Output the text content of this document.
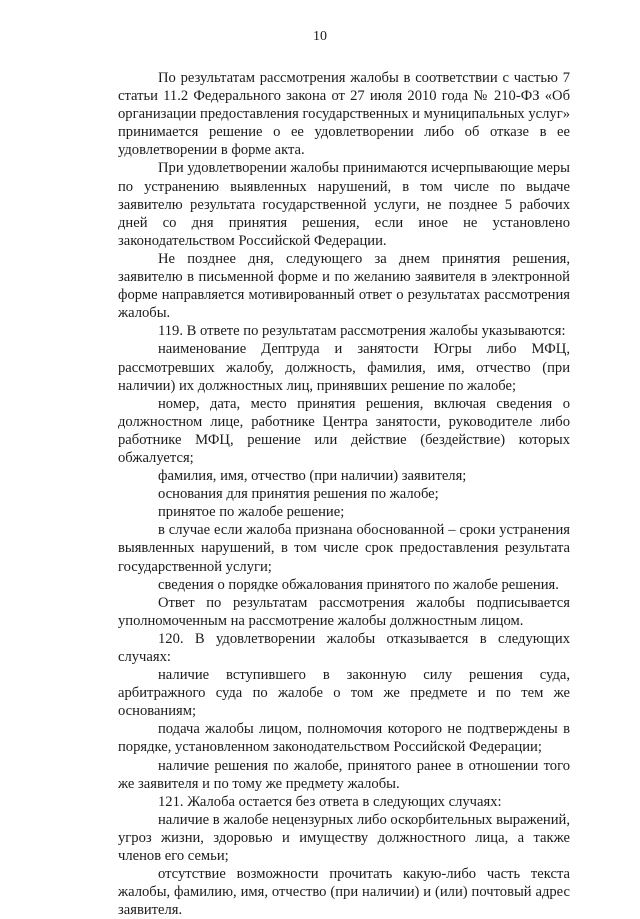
10

По результатам рассмотрения жалобы в соответствии с частью 7 статьи 11.2 Федерального закона от 27 июля 2010 года № 210-ФЗ «Об организации предоставления государственных и муниципальных услуг» принимается решение о ее удовлетворении либо об отказе в ее удовлетворении в форме акта.

При удовлетворении жалобы принимаются исчерпывающие меры по устранению выявленных нарушений, в том числе по выдаче заявителю результата государственной услуги, не позднее 5 рабочих дней со дня принятия решения, если иное не установлено законодательством Российской Федерации.

Не позднее дня, следующего за днем принятия решения, заявителю в письменной форме и по желанию заявителя в электронной форме направляется мотивированный ответ о результатах рассмотрения жалобы.

119. В ответе по результатам рассмотрения жалобы указываются:

наименование Дептруда и занятости Югры либо МФЦ, рассмотревших жалобу, должность, фамилия, имя, отчество (при наличии) их должностных лиц, принявших решение по жалобе;

номер, дата, место принятия решения, включая сведения о должностном лице, работнике Центра занятости, руководителе либо работнике МФЦ, решение или действие (бездействие) которых обжалуется;

фамилия, имя, отчество (при наличии) заявителя;

основания для принятия решения по жалобе;

принятое по жалобе решение;

в случае если жалоба признана обоснованной – сроки устранения выявленных нарушений, в том числе срок предоставления результата государственной услуги;

сведения о порядке обжалования принятого по жалобе решения.

Ответ по результатам рассмотрения жалобы подписывается уполномоченным на рассмотрение жалобы должностным лицом.

120. В удовлетворении жалобы отказывается в следующих случаях:

наличие вступившего в законную силу решения суда, арбитражного суда по жалобе о том же предмете и по тем же основаниям;

подача жалобы лицом, полномочия которого не подтверждены в порядке, установленном законодательством Российской Федерации;

наличие решения по жалобе, принятого ранее в отношении того же заявителя и по тому же предмету жалобы.

121. Жалоба остается без ответа в следующих случаях:

наличие в жалобе нецензурных либо оскорбительных выражений, угроз жизни, здоровью и имуществу должностного лица, а также членов его семьи;

отсутствие возможности прочитать какую-либо часть текста жалобы, фамилию, имя, отчество (при наличии) и (или) почтовый адрес заявителя.
